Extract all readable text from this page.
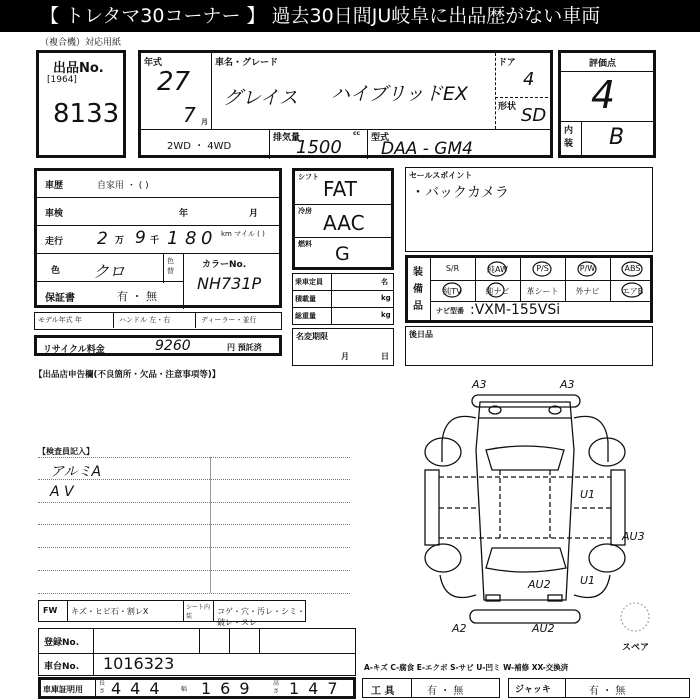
【 トレタマ30コーナー 】 過去30日間JU岐阜に出品歴がない車両
（複合機）対応用紙
出品No.
[1964]
8133
年式
27
7 月
車名・グレード
グレイス ハイブリッドEX
ドア
4
形状 SD
2WD ・ 4WD
排気量	cc
1500	型式
DAA - GM4
評価点
4
内装 B
車歴	自家用 ・ ( )
車検	年	月
走行 2 万 9 千 1 8 0 km マイル ( )
色 クロ
色替
カラーNo.
NH731P
保証書	有 ・ 無
モデル年式 年	ハンドル 左・右	ディーラー・並行
リサイクル料金	9260	円 預託済
【出品店申告欄(不良箇所・欠品・注意事項等)】
シフト FAT
冷房 AAC
燃料 G
乗車定員	名
積載量	kg
総重量	kg
名変期限
月	日
セールスポイント
・バックカメラ
装備品
S/R	純AW	P/S	P/W	ABS
純TV	純ナビ	革シート	外ナビ	エアB
ナビ型番 :VXM-155VSi
後日品
【検査員記入】
アルミA
A V
FW キズ・ヒビ石・割レX	シート内装
コゲ・穴・汚レ・シミ・破レ・スレ
登録No.
車台No. 1016323
車庫証明用
長さ 444 幅 169 高さ 147
A-キズ C-腐食 E-エクボ S-サビ U-凹ミ W-補修 XX-交換済
工 具	有 ・ 無	ジャッキ	有 ・ 無
A3	A3
U1
AU3
AU2	U1
A2	AU2
スペア
